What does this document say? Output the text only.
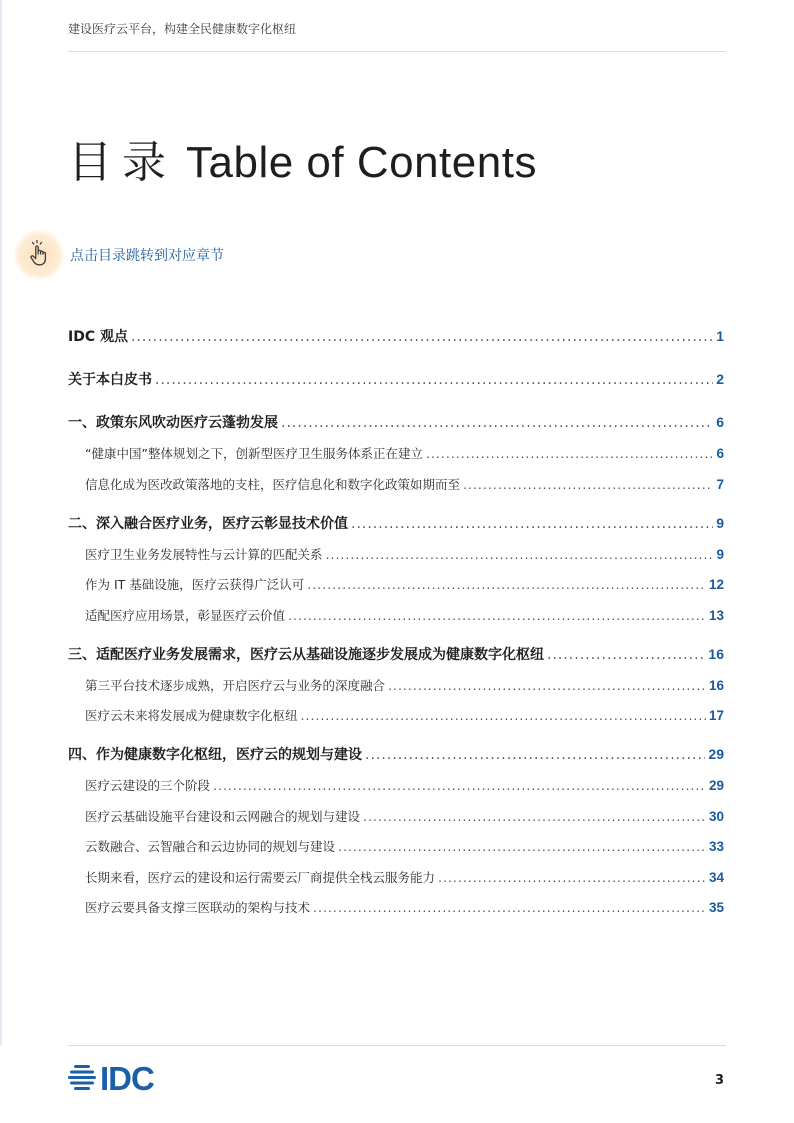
建设医疗云平台，构建全民健康数字化枢纽
目录 Table of Contents
点击目录跳转到对应章节
IDC 观点 .....	1
关于本白皮书 .....	2
一、政策东风吹动医疗云蓬勃发展 .....	6
“健康中国”整体规划之下，创新型医疗卫生服务体系正在建立 .....	6
信息化成为医改政策落地的支柱，医疗信息化和数字化政策如期而至 .....	7
二、深入融合医疗业务，医疗云彰显技术价值 .....	9
医疗卫生业务发展特性与云计算的匹配关系 .....	9
作为 IT 基础设施，医疗云获得广泛认可 .....	12
适配医疗应用场景，彰显医疗云价值 .....	13
三、适配医疗业务发展需求，医疗云从基础设施逐步发展成为健康数字化枢纽 .....	16
第三平台技术逐步成熟，开启医疗云与业务的深度融合 .....	16
医疗云未来将发展成为健康数字化枢纽 .....	17
四、作为健康数字化枢纽，医疗云的规划与建设 .....	29
医疗云建设的三个阶段 .....	29
医疗云基础设施平台建设和云网融合的规划与建设 .....	30
云数融合、云智融合和云边协同的规划与建设 .....	33
长期来看，医疗云的建设和运行需要云厂商提供全栈云服务能力 .....	34
医疗云要具备支撑三医联动的架构与技术 .....	35
IDC	3
